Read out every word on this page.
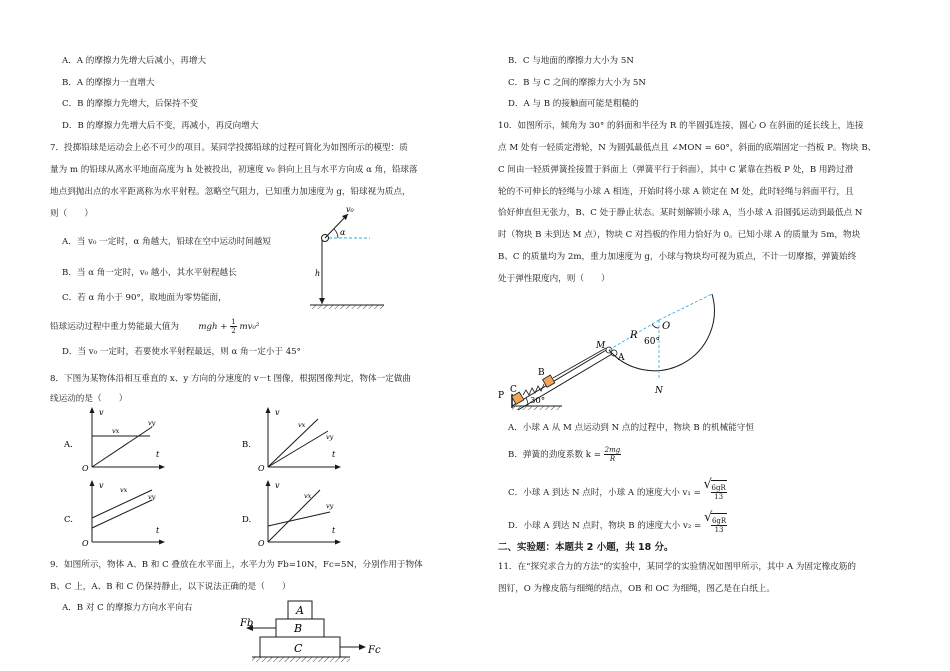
A．A 的摩擦力先增大后减小，再增大
B．A 的摩擦力一直增大
C．B 的摩擦力先增大，后保持不变
D．B 的摩擦力先增大后不变，再减小，再反向增大
7．投掷铅球是运动会上必不可少的项目。某同学投掷铅球的过程可简化为如图所示的模型：质
量为 m 的铅球从离水平地面高度为 h 处被投出，初速度 v₀ 斜向上且与水平方向成 α 角，铅球落
地点到抛出点的水平距离称为水平射程。忽略空气阻力，已知重力加速度为 g，铅球视为质点，
则（　　）
A．当 v₀ 一定时，α 角越大，铅球在空中运动时间越短
B．当 α 角一定时，v₀ 越小，其水平射程越长
C．若 α 角小于 90°，取地面为零势能面，
铅球运动过程中重力势能最大值为 mgh + $\frac{1}{2} mv_0^2$
D．当 v₀ 一定时，若要使水平射程最远，则 α 角一定小于 45°
v₀
α
h
8．下图为某物体沿相互垂直的 x、y 方向的分速度的 v－t 图像，根据图像判定，物体一定做曲
线运动的是（　　）
A.
v
t
O
vx
vy
B.
v
t
O
vx
vy
C.
v
t
O
vx
vy
D.
v
t
O
vx
vy
9．如图所示，物体 A、B 和 C 叠放在水平面上，水平力为 Fb=10N，Fc=5N，分别作用于物体
B、C 上，A、B 和 C 仍保持静止，以下说法正确的是（　　）
A．B 对 C 的摩擦力方向水平向右	A
B
C
Fb
Fc
B．C 与地面的摩擦力大小为 5N
C．B 与 C 之间的摩擦力大小为 5N
D．A 与 B 的接触面可能是粗糙的
10．如图所示，倾角为 30° 的斜面和半径为 R 的半圆弧连接，圆心 O 在斜面的延长线上，连接
点 M 处有一轻质定滑轮，N 为圆弧最低点且 ∠MON = 60°，斜面的底端固定一挡板 P。物块 B、
C 间由一轻质弹簧拴接置于斜面上（弹簧平行于斜面），其中 C 紧靠在挡板 P 处，B 用跨过滑
轮的不可伸长的轻绳与小球 A 相连，开始时将小球 A 锁定在 M 处，此时轻绳与斜面平行，且
恰好伸直但无张力，B、C 处于静止状态。某时刻解锁小球 A，当小球 A 沿圆弧运动到最低点 N
时（物块 B 未到达 M 点），物块 C 对挡板的作用力恰好为 0。已知小球 A 的质量为 5m，物块
B、C 的质量均为 2m，重力加速度为 g，小球与物块均可视为质点，不计一切摩擦，弹簧始终
处于弹性限度内，则（　　）
P
C
B
30°
M
A
O
R
60°
N
A．小球 A 从 M 点运动到 N 点的过程中，物块 B 的机械能守恒
B．弹簧的劲度系数 $k = \frac{2mg}{R}$
C．小球 A 到达 N 点时，小球 A 的速度大小 v₁ =
√
$\frac{6gR}{13}$
D．小球 A 到达 N 点时，物块 B 的速度大小 v₂ =
√
$\frac{6gR}{13}$
二、实验题：本题共 2 小题，共 18 分。
11．在“探究求合力的方法”的实验中，某同学的实验情况如图甲所示，其中 A 为固定橡皮筋的
图钉，O 为橡皮筋与细绳的结点，OB 和 OC 为细绳，图乙是在白纸上。
